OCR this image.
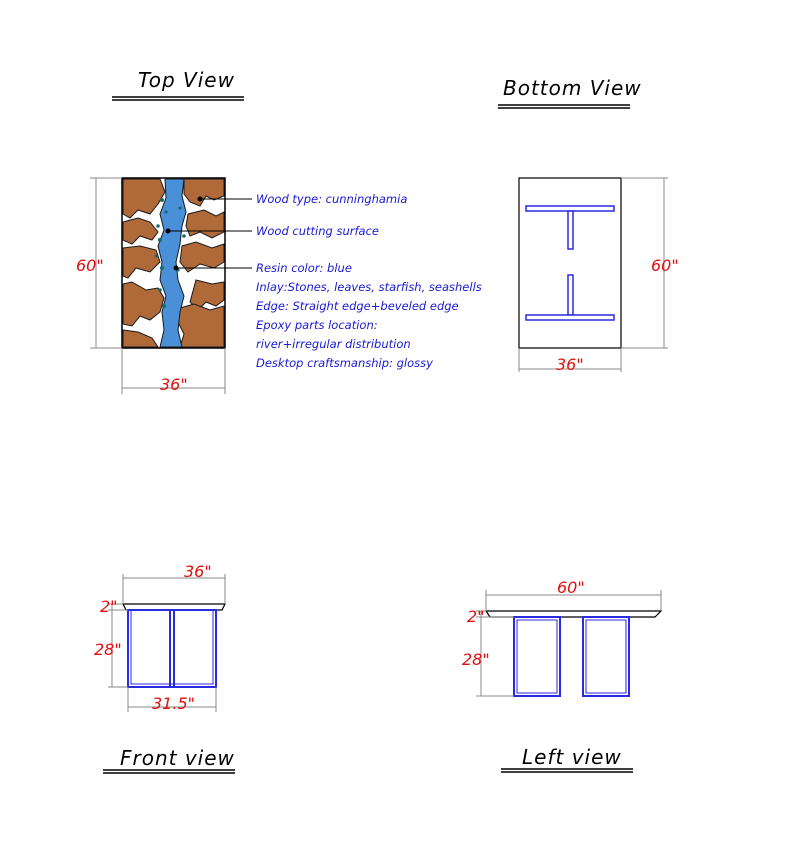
Top View	Bottom View
Front view	Left view
60"
36"
Wood type: cunninghamia
Wood cutting surface
Resin color: blue
Inlay:Stones, leaves, starfish, seashells
Edge: Straight edge+beveled edge
Epoxy parts location:
river+irregular distribution
Desktop craftsmanship: glossy
60"
36"
36"
2"
28"
31.5"
60"
2"
28"
